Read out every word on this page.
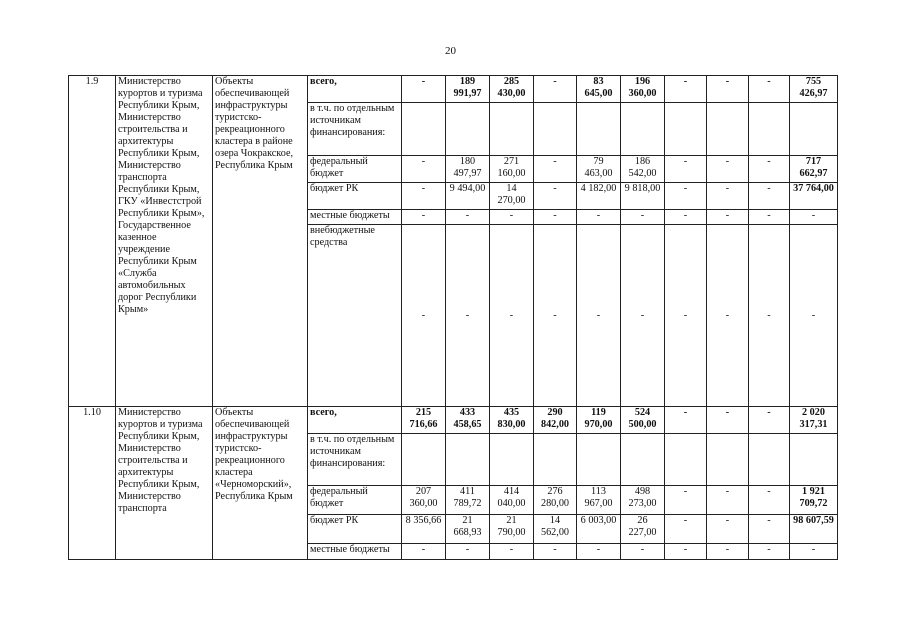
20
1.9	Министерство курортов и туризма Республики Крым, Министерство строительства и архитектуры Республики Крым, Министерство транспорта Республики Крым, ГКУ «Инвестстрой Республики Крым», Государственное казенное учреждение Республики Крым «Служба автомобильных дорог Республики Крым»	Объекты обеспечивающей инфраструктуры туристско-рекреационного кластера в районе озера Чокракское, Республика Крым	всего,	-	189 991,97	285 430,00	-	83 645,00	196 360,00	-	-	-	755 426,97
			в т.ч. по отдельным источникам финансирования:										
			федеральный бюджет	-	180 497,97	271 160,00	-	79 463,00	186 542,00	-	-	-	717 662,97
			бюджет РК	-	9 494,00	14 270,00	-	4 182,00	9 818,00	-	-	-	37 764,00
			местные бюджеты	-	-	-	-	-	-	-	-	-	-
			внебюджетные средства	-	-	-	-	-	-	-	-	-	-
1.10	Министерство курортов и туризма Республики Крым, Министерство строительства и архитектуры Республики Крым, Министерство транспорта	Объекты обеспечивающей инфраструктуры туристско-рекреационного кластера «Черноморский», Республика Крым	всего,	215 716,66	433 458,65	435 830,00	290 842,00	119 970,00	524 500,00	-	-	-	2 020 317,31
			в т.ч. по отдельным источникам финансирования:										
			федеральный бюджет	207 360,00	411 789,72	414 040,00	276 280,00	113 967,00	498 273,00	-	-	-	1 921 709,72
			бюджет РК	8 356,66	21 668,93	21 790,00	14 562,00	6 003,00	26 227,00	-	-	-	98 607,59
			местные бюджеты	-	-	-	-	-	-	-	-	-	-
